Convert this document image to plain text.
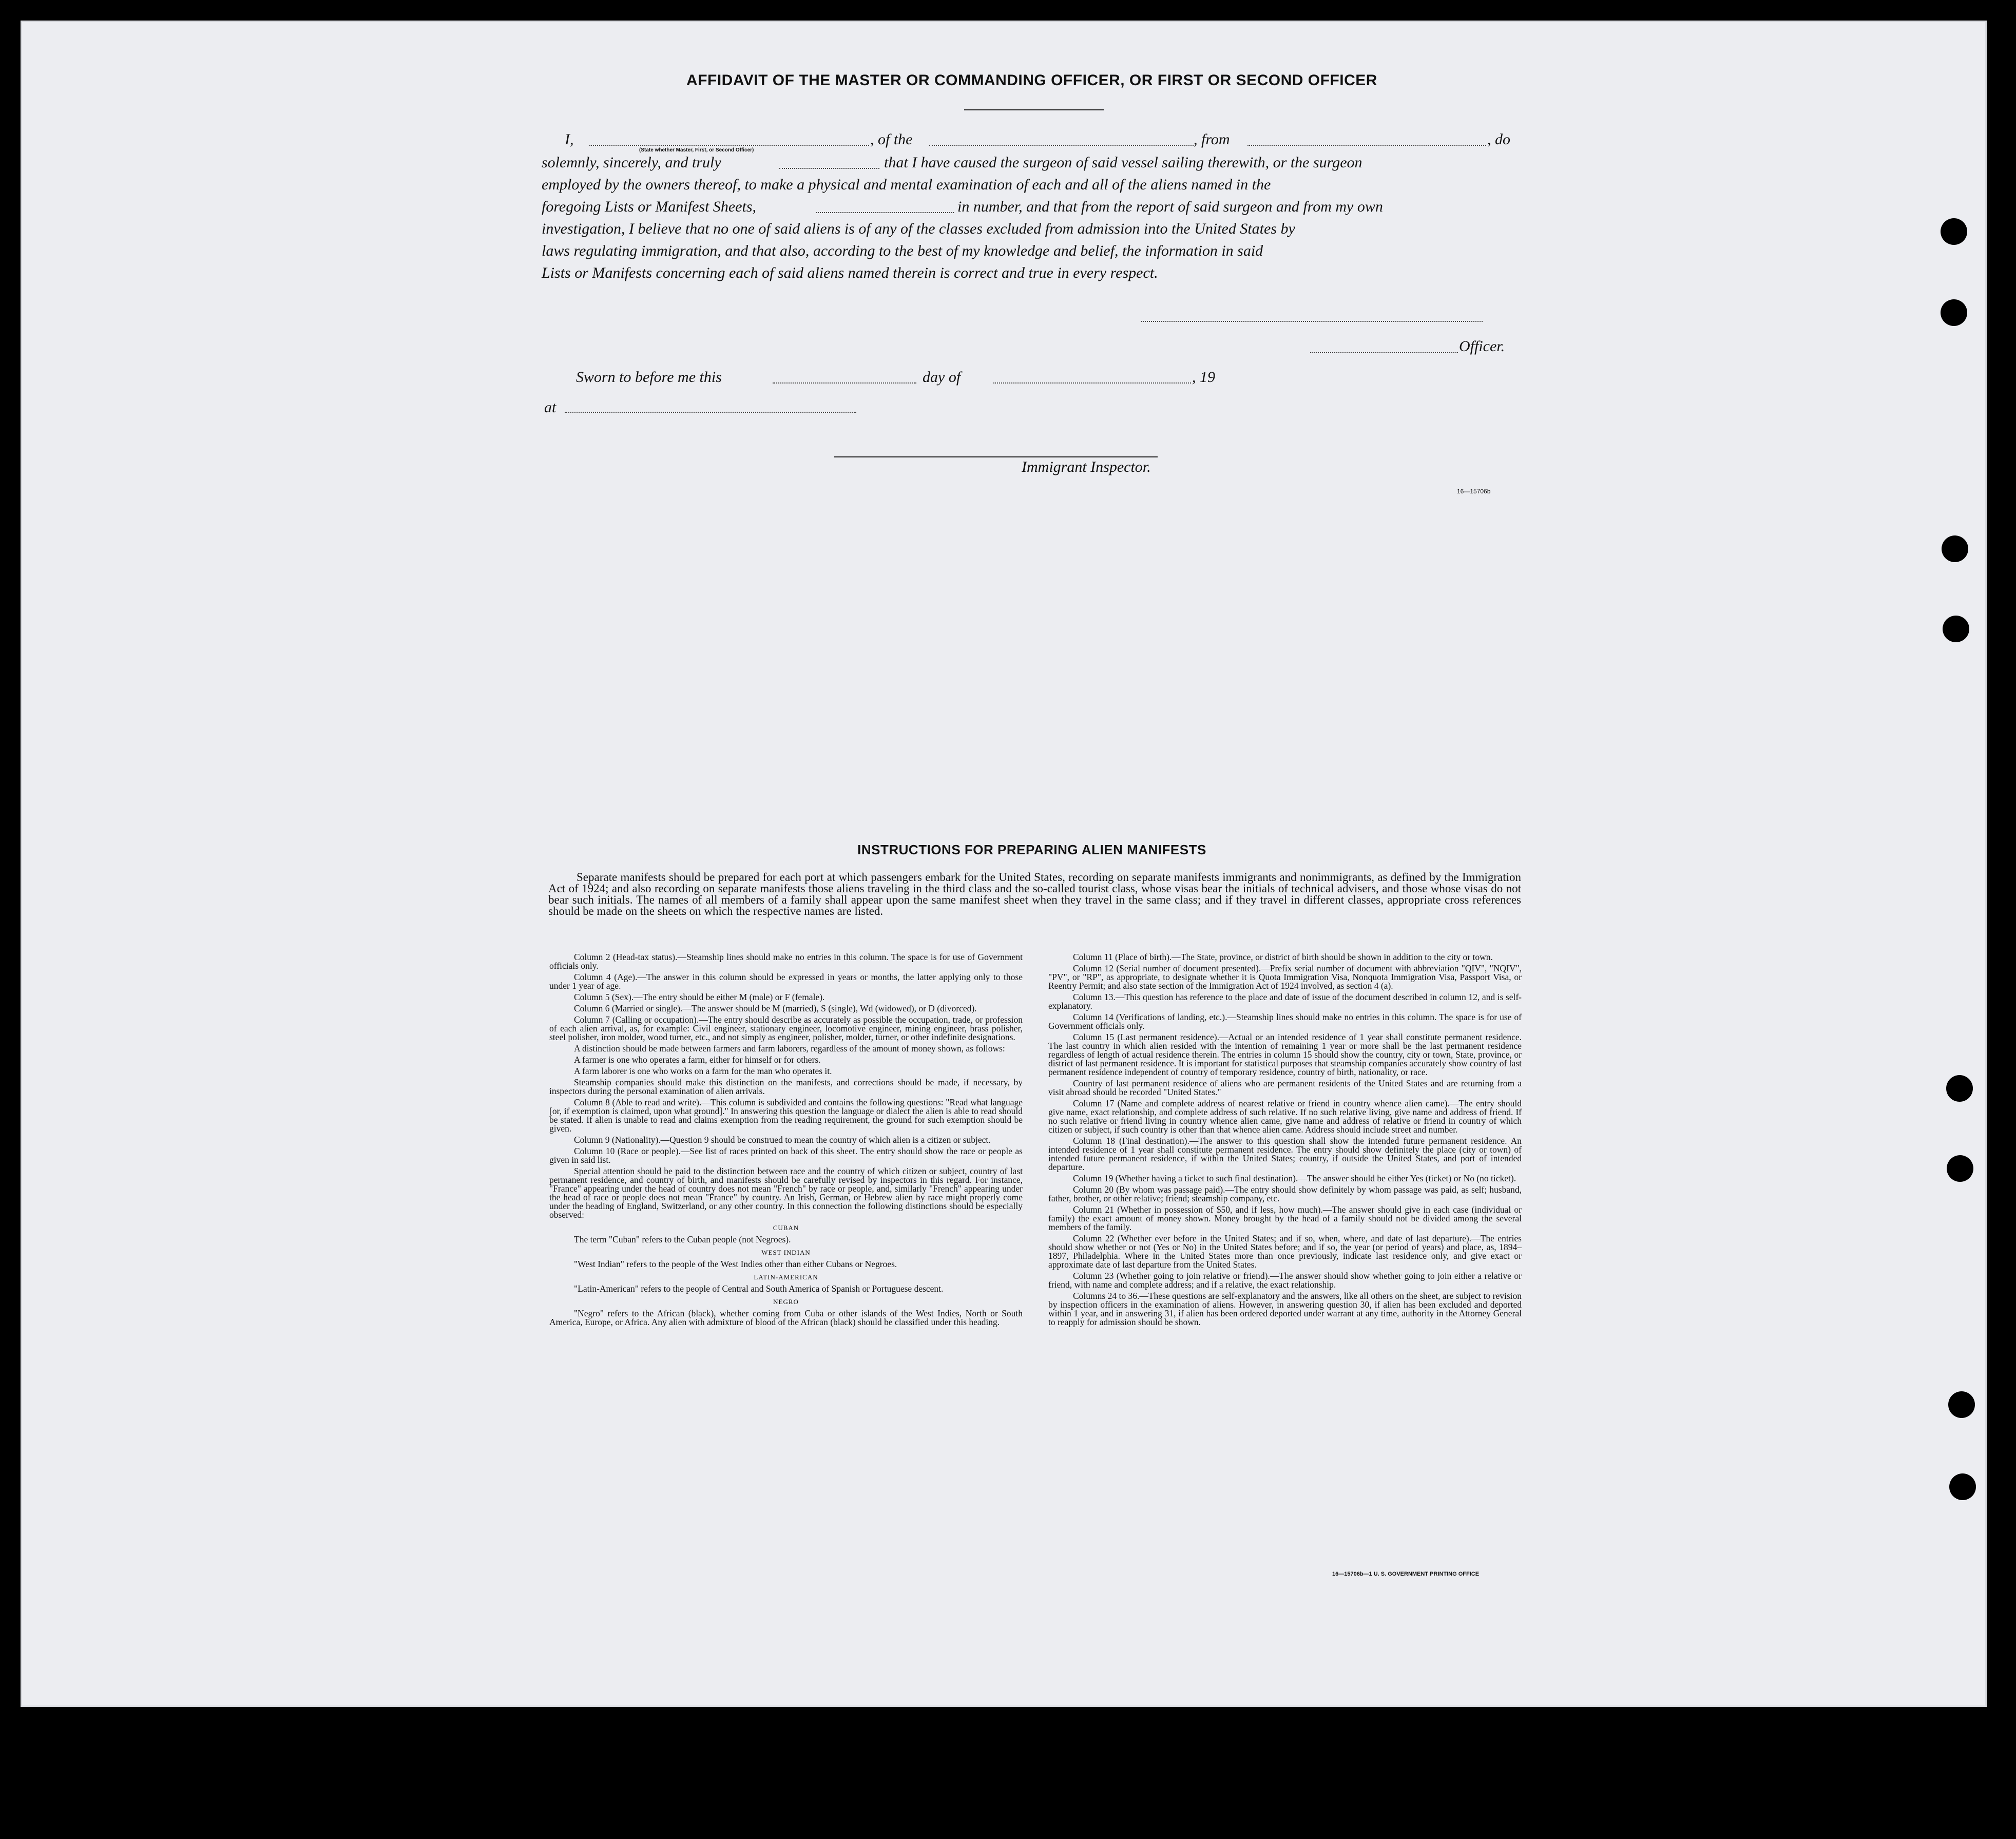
AFFIDAVIT OF THE MASTER OR COMMANDING OFFICER, OR FIRST OR SECOND OFFICER
I,
(State whether Master, First, or Second Officer)
, of the	, from	, do
solemnly, sincerely, and truly	that I have caused the surgeon of said vessel sailing therewith, or the surgeon
employed by the owners thereof, to make a physical and mental examination of each and all of the aliens named in the
foregoing Lists or Manifest Sheets,	in number, and that from the report of said surgeon and from my own
investigation, I believe that no one of said aliens is of any of the classes excluded from admission into the United States by
laws regulating immigration, and that also, according to the best of my knowledge and belief, the information in said
Lists or Manifests concerning each of said aliens named therein is correct and true in every respect.
Officer.
Sworn to before me this	day of	, 19
at
Immigrant Inspector.
16—15706b
INSTRUCTIONS FOR PREPARING ALIEN MANIFESTS
Separate manifests should be prepared for each port at which passengers embark for the United States, recording on separate manifests immigrants and nonimmigrants, as defined by the Immigration Act of 1924; and also recording on separate manifests those aliens traveling in the third class and the so-called tourist class, whose visas bear the initials of technical advisers, and those whose visas do not bear such initials. The names of all members of a family shall appear upon the same manifest sheet when they travel in the same class; and if they travel in different classes, appropriate cross references should be made on the sheets on which the respective names are listed.

Column 2 (Head-tax status).—Steamship lines should make no entries in this column. The space is for use of Government officials only.

Column 4 (Age).—The answer in this column should be expressed in years or months, the latter applying only to those under 1 year of age.

Column 5 (Sex).—The entry should be either M (male) or F (female).

Column 6 (Married or single).—The answer should be M (married), S (single), Wd (widowed), or D (divorced).

Column 7 (Calling or occupation).—The entry should describe as accurately as possible the occupation, trade, or profession of each alien arrival, as, for example: Civil engineer, stationary engineer, locomotive engineer, mining engineer, brass polisher, steel polisher, iron molder, wood turner, etc., and not simply as engineer, polisher, molder, turner, or other indefinite designations.

A distinction should be made between farmers and farm laborers, regardless of the amount of money shown, as follows:

A farmer is one who operates a farm, either for himself or for others.

A farm laborer is one who works on a farm for the man who operates it.

Steamship companies should make this distinction on the manifests, and corrections should be made, if necessary, by inspectors during the personal examination of alien arrivals.

Column 8 (Able to read and write).—This column is subdivided and contains the following questions: "Read what language [or, if exemption is claimed, upon what ground]." In answering this question the language or dialect the alien is able to read should be stated. If alien is unable to read and claims exemption from the reading requirement, the ground for such exemption should be given.

Column 9 (Nationality).—Question 9 should be construed to mean the country of which alien is a citizen or subject.

Column 10 (Race or people).—See list of races printed on back of this sheet. The entry should show the race or people as given in said list.

Special attention should be paid to the distinction between race and the country of which citizen or subject, country of last permanent residence, and country of birth, and manifests should be carefully revised by inspectors in this regard. For instance, "France" appearing under the head of country does not mean "French" by race or people, and, similarly "French" appearing under the head of race or people does not mean "France" by country. An Irish, German, or Hebrew alien by race might properly come under the heading of England, Switzerland, or any other country. In this connection the following distinctions should be especially observed:

CUBAN

The term "Cuban" refers to the Cuban people (not Negroes).

WEST INDIAN

"West Indian" refers to the people of the West Indies other than either Cubans or Negroes.

LATIN-AMERICAN

"Latin-American" refers to the people of Central and South America of Spanish or Portuguese descent.

NEGRO

"Negro" refers to the African (black), whether coming from Cuba or other islands of the West Indies, North or South America, Europe, or Africa. Any alien with admixture of blood of the African (black) should be classified under this heading.

Column 11 (Place of birth).—The State, province, or district of birth should be shown in addition to the city or town.

Column 12 (Serial number of document presented).—Prefix serial number of document with abbreviation "QIV", "NQIV", "PV", or "RP", as appropriate, to designate whether it is Quota Immigration Visa, Nonquota Immigration Visa, Passport Visa, or Reentry Permit; and also state section of the Immigration Act of 1924 involved, as section 4 (a).

Column 13.—This question has reference to the place and date of issue of the document described in column 12, and is self-explanatory.

Column 14 (Verifications of landing, etc.).—Steamship lines should make no entries in this column. The space is for use of Government officials only.

Column 15 (Last permanent residence).—Actual or an intended residence of 1 year shall constitute permanent residence. The last country in which alien resided with the intention of remaining 1 year or more shall be the last permanent residence regardless of length of actual residence therein. The entries in column 15 should show the country, city or town, State, province, or district of last permanent residence. It is important for statistical purposes that steamship companies accurately show country of last permanent residence independent of country of temporary residence, country of birth, nationality, or race.

Country of last permanent residence of aliens who are permanent residents of the United States and are returning from a visit abroad should be recorded "United States."

Column 17 (Name and complete address of nearest relative or friend in country whence alien came).—The entry should give name, exact relationship, and complete address of such relative. If no such relative living, give name and address of friend. If no such relative or friend living in country whence alien came, give name and address of relative or friend in country of which citizen or subject, if such country is other than that whence alien came. Address should include street and number.

Column 18 (Final destination).—The answer to this question shall show the intended future permanent residence. An intended residence of 1 year shall constitute permanent residence. The entry should show definitely the place (city or town) of intended future permanent residence, if within the United States; country, if outside the United States, and port of intended departure.

Column 19 (Whether having a ticket to such final destination).—The answer should be either Yes (ticket) or No (no ticket).

Column 20 (By whom was passage paid).—The entry should show definitely by whom passage was paid, as self; husband, father, brother, or other relative; friend; steamship company, etc.

Column 21 (Whether in possession of $50, and if less, how much).—The answer should give in each case (individual or family) the exact amount of money shown. Money brought by the head of a family should not be divided among the several members of the family.

Column 22 (Whether ever before in the United States; and if so, when, where, and date of last departure).—The entries should show whether or not (Yes or No) in the United States before; and if so, the year (or period of years) and place, as, 1894–1897, Philadelphia. Where in the United States more than once previously, indicate last residence only, and give exact or approximate date of last departure from the United States.

Column 23 (Whether going to join relative or friend).—The answer should show whether going to join either a relative or friend, with name and complete address; and if a relative, the exact relationship.

Columns 24 to 36.—These questions are self-explanatory and the answers, like all others on the sheet, are subject to revision by inspection officers in the examination of aliens. However, in answering question 30, if alien has been excluded and deported within 1 year, and in answering 31, if alien has been ordered deported under warrant at any time, authority in the Attorney General to reapply for admission should be shown.

16—15706b—1 U. S. GOVERNMENT PRINTING OFFICE
